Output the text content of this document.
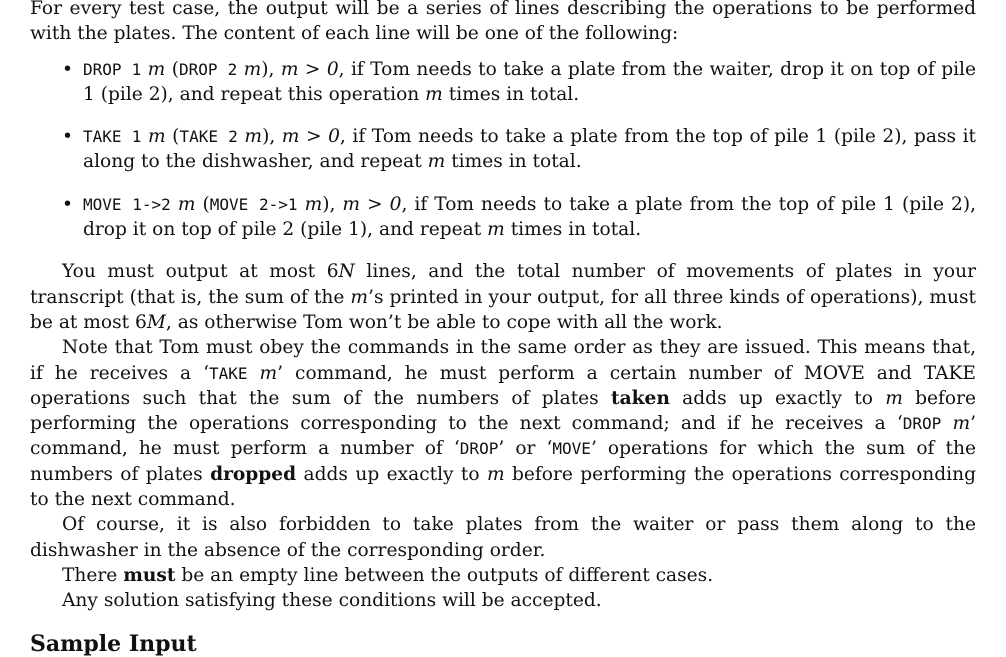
For every test case, the output will be a series of lines describing the operations to be performed with the plates. The content of each line will be one of the following:

• DROP 1 m (DROP 2 m), m > 0, if Tom needs to take a plate from the waiter, drop it on top of pile 1 (pile 2), and repeat this operation m times in total.
• TAKE 1 m (TAKE 2 m), m > 0, if Tom needs to take a plate from the top of pile 1 (pile 2), pass it along to the dishwasher, and repeat m times in total.
• MOVE 1->2 m (MOVE 2->1 m), m > 0, if Tom needs to take a plate from the top of pile 1 (pile 2), drop it on top of pile 2 (pile 1), and repeat m times in total.

You must output at most 6N lines, and the total number of movements of plates in your transcript (that is, the sum of the m’s printed in your output, for all three kinds of operations), must be at most 6M, as otherwise Tom won’t be able to cope with all the work.

Note that Tom must obey the commands in the same order as they are issued. This means that, if he receives a ‘TAKE m’ command, he must perform a certain number of MOVE and TAKE operations such that the sum of the numbers of plates taken adds up exactly to m before performing the operations corresponding to the next command; and if he receives a ‘DROP m’ command, he must perform a number of ‘DROP’ or ‘MOVE’ operations for which the sum of the numbers of plates dropped adds up exactly to m before performing the operations corresponding to the next command.

Of course, it is also forbidden to take plates from the waiter or pass them along to the dishwasher in the absence of the corresponding order.

There must be an empty line between the outputs of different cases.

Any solution satisfying these conditions will be accepted.

Sample Input
